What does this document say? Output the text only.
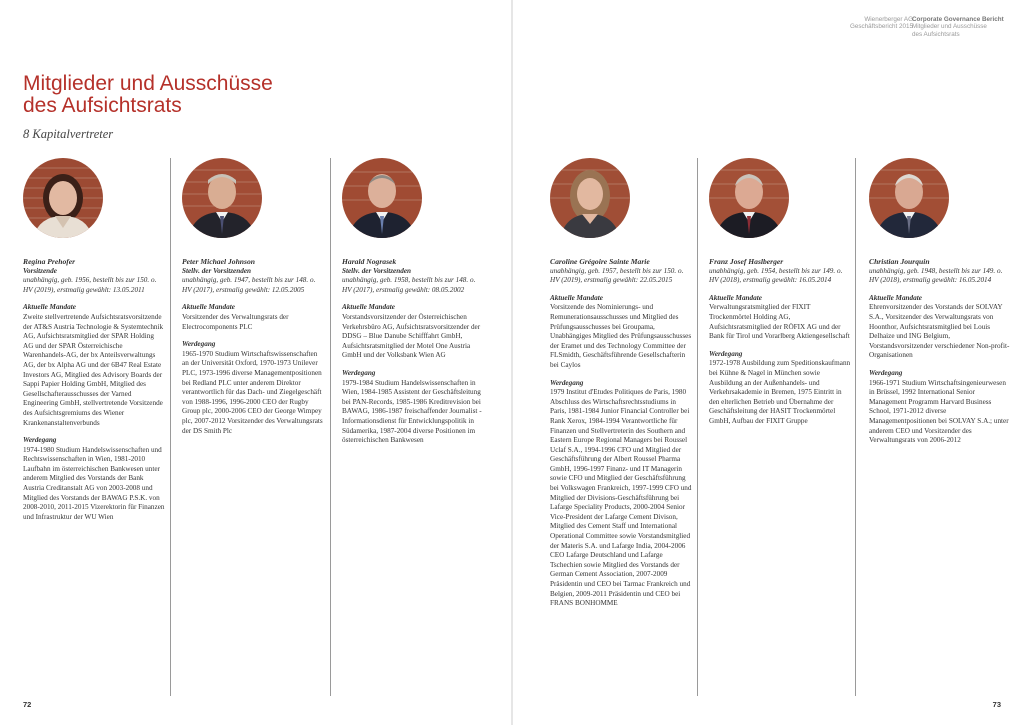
Wienerberger AG
Geschäftsbericht 2015
Corporate Governance Bericht
Mitglieder und Ausschüsse
des Aufsichtsrats
Mitglieder und Ausschüsse
des Aufsichtsrats
8 Kapitalvertreter
Regina Prehofer
Vorsitzende
unabhängig, geb. 1956, bestellt bis zur 150. o. HV (2019), erstmalig gewählt: 13.05.2011
Aktuelle Mandate
Zweite stellvertretende Aufsichtsratsvorsitzende der AT&S Austria Technologie & Systemtechnik AG, Aufsichtsratsmitglied der SPAR Holding AG und der SPAR Österreichische Warenhandels-AG, der bx Anteilsverwaltungs AG, der bx Alpha AG und der 6B47 Real Estate Investors AG, Mitglied des Advisory Boards der Sappi Papier Holding GmbH, Mitglied des Gesellschafterausschusses der Varned Engineering GmbH, stellvertretende Vorsitzende des Aufsichtsgremiums des Wiener Krankenanstaltenverbunds
Werdegang
1974-1980 Studium Handelswissenschaften und Rechtswissenschaften in Wien, 1981-2010 Laufbahn im österreichischen Bankwesen unter anderem Mitglied des Vorstands der Bank Austria Creditanstalt AG von 2003-2008 und Mitglied des Vorstands der BAWAG P.S.K. von 2008-2010, 2011-2015 Vizerektorin für Finanzen und Infrastruktur der WU Wien
Peter Michael Johnson
Stellv. der Vorsitzenden
unabhängig, geb. 1947, bestellt bis zur 148. o. HV (2017), erstmalig gewählt: 12.05.2005
Aktuelle Mandate
Vorsitzender des Verwaltungsrats der Electrocomponents PLC
Werdegang
1965-1970 Studium Wirtschaftswissenschaften an der Universität Oxford, 1970-1973 Unilever PLC, 1973-1996 diverse Managementpositionen bei Redland PLC unter anderem Direktor verantwortlich für das Dach- und Ziegelgeschäft von 1988-1996, 1996-2000 CEO der Rugby Group plc, 2000-2006 CEO der George Wimpey plc, 2007-2012 Vorsitzender des Verwaltungsrats der DS Smith Plc
Harald Nograsek
Stellv. der Vorsitzenden
unabhängig, geb. 1958, bestellt bis zur 148. o. HV (2017), erstmalig gewählt: 08.05.2002
Aktuelle Mandate
Vorstandsvorsitzender der Österreichischen Verkehrsbüro AG, Aufsichtsratsvorsitzender der DDSG – Blue Danube Schifffahrt GmbH, Aufsichtsratsmitglied der Motel One Austria GmbH und der Volksbank Wien AG
Werdegang
1979-1984 Studium Handelswissenschaften in Wien, 1984-1985 Assistent der Geschäftsleitung bei PAN-Records, 1985-1986 Kreditrevision bei BAWAG, 1986-1987 freischaffender Journalist - Informationsdienst für Entwicklungspolitik in Südamerika, 1987-2004 diverse Positionen im österreichischen Bankwesen
Caroline Grégoire Sainte Marie
unabhängig, geb. 1957, bestellt bis zur 150. o. HV (2019), erstmalig gewählt: 22.05.2015
Aktuelle Mandate
Vorsitzende des Nominierungs- und Remunerationsausschusses und Mitglied des Prüfungsausschusses bei Groupama, Unabhängiges Mitglied des Prüfungsausschusses der Eramet und des Technology Committee der FLSmidth, Geschäftsführende Gesellschafterin bei Caylos
Werdegang
1979 Institut d'Etudes Politiques de Paris, 1980 Abschluss des Wirtschaftsrechtsstudiums in Paris, 1981-1984 Junior Financial Controller bei Rank Xerox, 1984-1994 Verantwortliche für Finanzen und Stellvertreterin des Southern and Eastern Europe Regional Managers bei Roussel Uclaf S.A., 1994-1996 CFO und Mitglied der Geschäftsführung der Albert Roussel Pharma GmbH, 1996-1997 Finanz- und IT Managerin sowie CFO und Mitglied der Geschäftsführung bei Volkswagen Frankreich, 1997-1999 CFO und Mitglied der Divisions-Geschäftsführung bei Lafarge Speciality Products, 2000-2004 Senior Vice-President der Lafarge Cement Divison, Mitglied des Cement Staff und International Operational Committee sowie Vorstandsmitglied der Materis S.A. und Lafarge India, 2004-2006 CEO Lafarge Deutschland und Lafarge Tschechien sowie Mitglied des Vorstands der German Cement Association, 2007-2009 Präsidentin und CEO bei Tarmac Frankreich und Belgien, 2009-2011 Präsidentin und CEO bei FRANS BONHOMME
Franz Josef Haslberger
unabhängig, geb. 1954, bestellt bis zur 149. o. HV (2018), erstmalig gewählt: 16.05.2014
Aktuelle Mandate
Verwaltungsratsmitglied der FIXIT Trockenmörtel Holding AG, Aufsichtsratsmitglied der RÖFIX AG und der Bank für Tirol und Vorarlberg Aktiengesellschaft
Werdegang
1972-1978 Ausbildung zum Speditionskaufmann bei Kühne & Nagel in München sowie Ausbildung an der Außenhandels- und Verkehrsakademie in Bremen, 1975 Eintritt in den elterlichen Betrieb und Übernahme der Geschäftsleitung der HASIT Trockenmörtel GmbH, Aufbau der FIXIT Gruppe
Christian Jourquin
unabhängig, geb. 1948, bestellt bis zur 149. o. HV (2018), erstmalig gewählt: 16.05.2014
Aktuelle Mandate
Ehrenvorsitzender des Vorstands der SOLVAY S.A., Vorsitzender des Verwaltungsrats von Hoonthor, Aufsichtsratsmitglied bei Louis Delhaize und ING Belgium, Vorstandsvorsitzender verschiedener Non-profit-Organisationen
Werdegang
1966-1971 Studium Wirtschaftsingenieurwesen in Brüssel, 1992 International Senior Management Programm Harvard Business School, 1971-2012 diverse Managementpositionen bei SOLVAY S.A.; unter anderem CEO und Vorsitzender des Verwaltungsrats von 2006-2012
72	73
